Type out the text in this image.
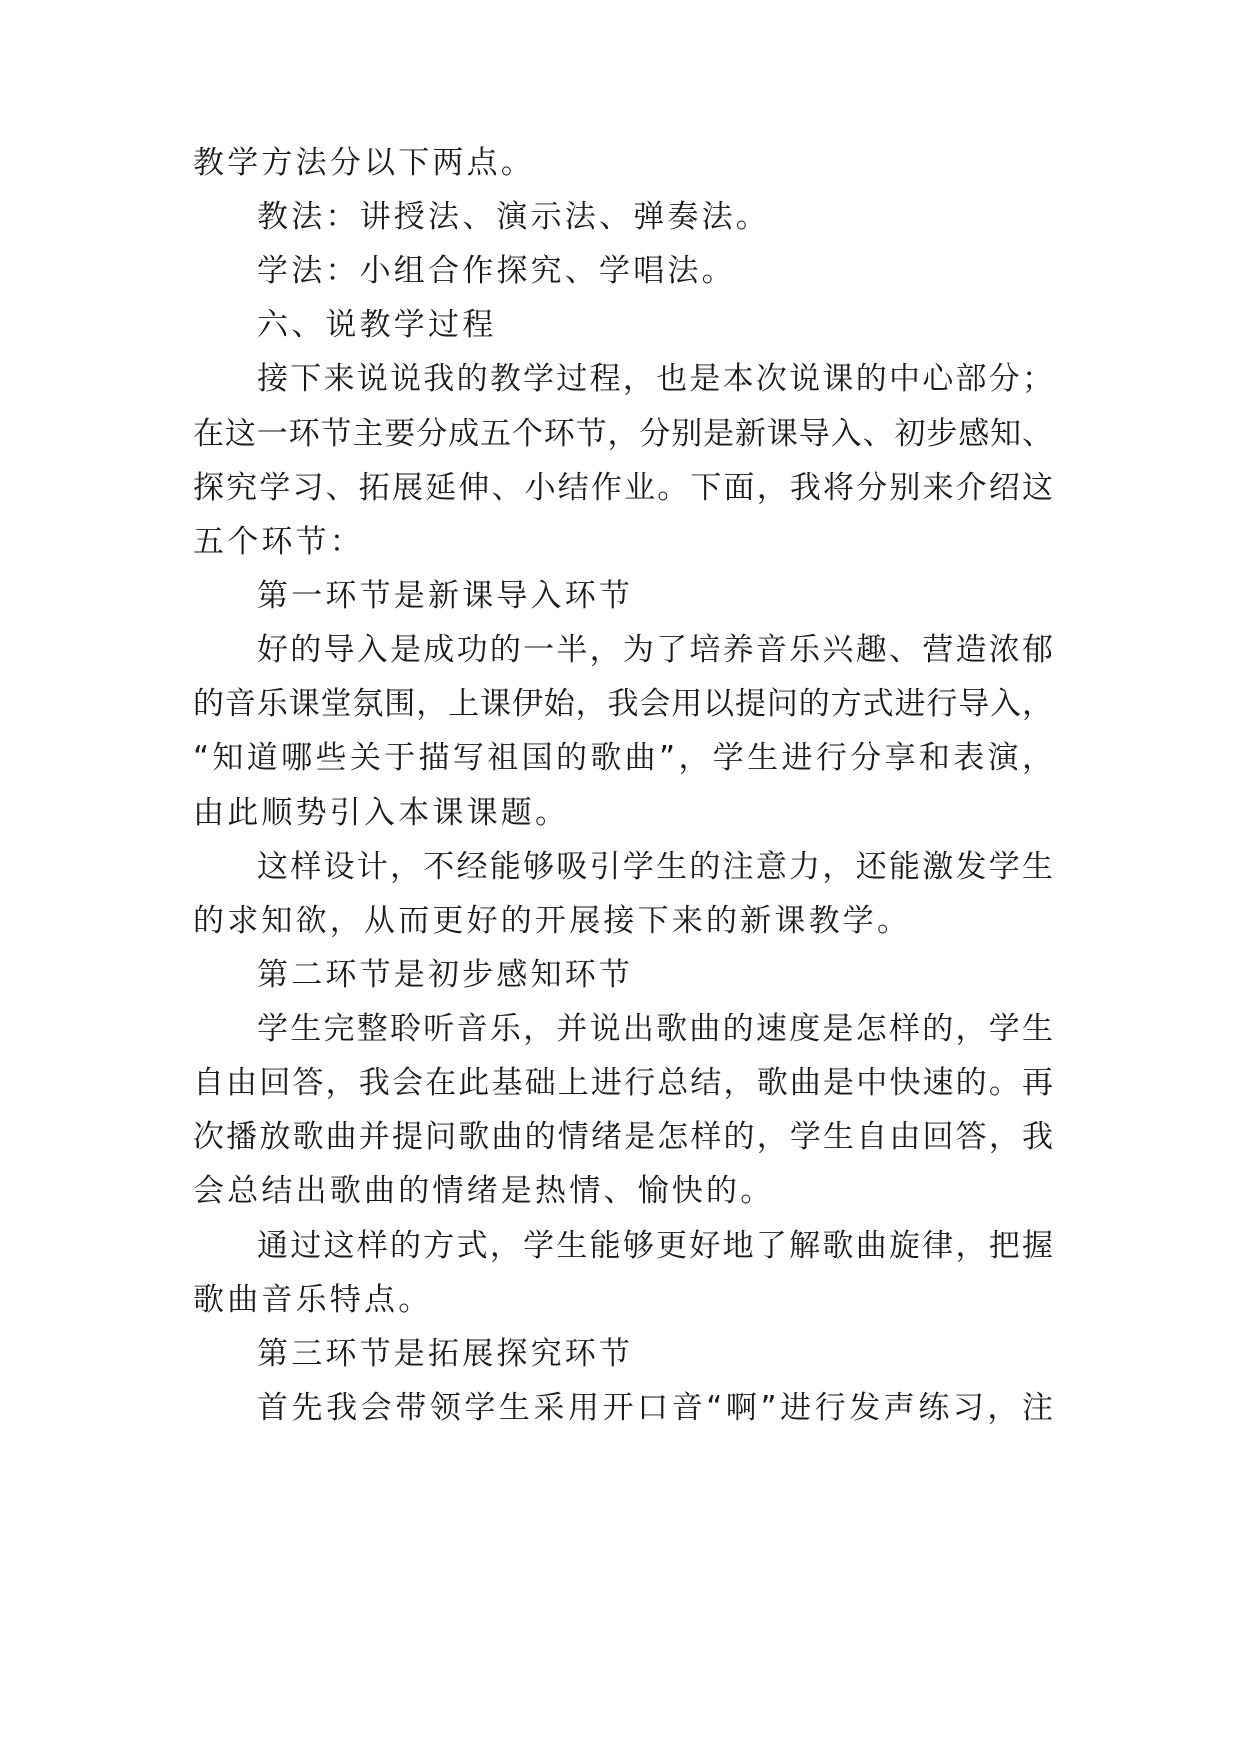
教学方法分以下两点。
教法：讲授法、演示法、弹奏法。
学法：小组合作探究、学唱法。
六、说教学过程
接下来说说我的教学过程，也是本次说课的中心部分；
在这一环节主要分成五个环节，分别是新课导入、初步感知、
探究学习、拓展延伸、小结作业。下面，我将分别来介绍这
五个环节：
第一环节是新课导入环节
好的导入是成功的一半，为了培养音乐兴趣、营造浓郁
的音乐课堂氛围，上课伊始，我会用以提问的方式进行导入，
“知道哪些关于描写祖国的歌曲”，学生进行分享和表演，
由此顺势引入本课课题。
这样设计，不经能够吸引学生的注意力，还能激发学生
的求知欲，从而更好的开展接下来的新课教学。
第二环节是初步感知环节
学生完整聆听音乐，并说出歌曲的速度是怎样的，学生
自由回答，我会在此基础上进行总结，歌曲是中快速的。再
次播放歌曲并提问歌曲的情绪是怎样的，学生自由回答，我
会总结出歌曲的情绪是热情、愉快的。
通过这样的方式，学生能够更好地了解歌曲旋律，把握
歌曲音乐特点。
第三环节是拓展探究环节
首先我会带领学生采用开口音“啊”进行发声练习，注
